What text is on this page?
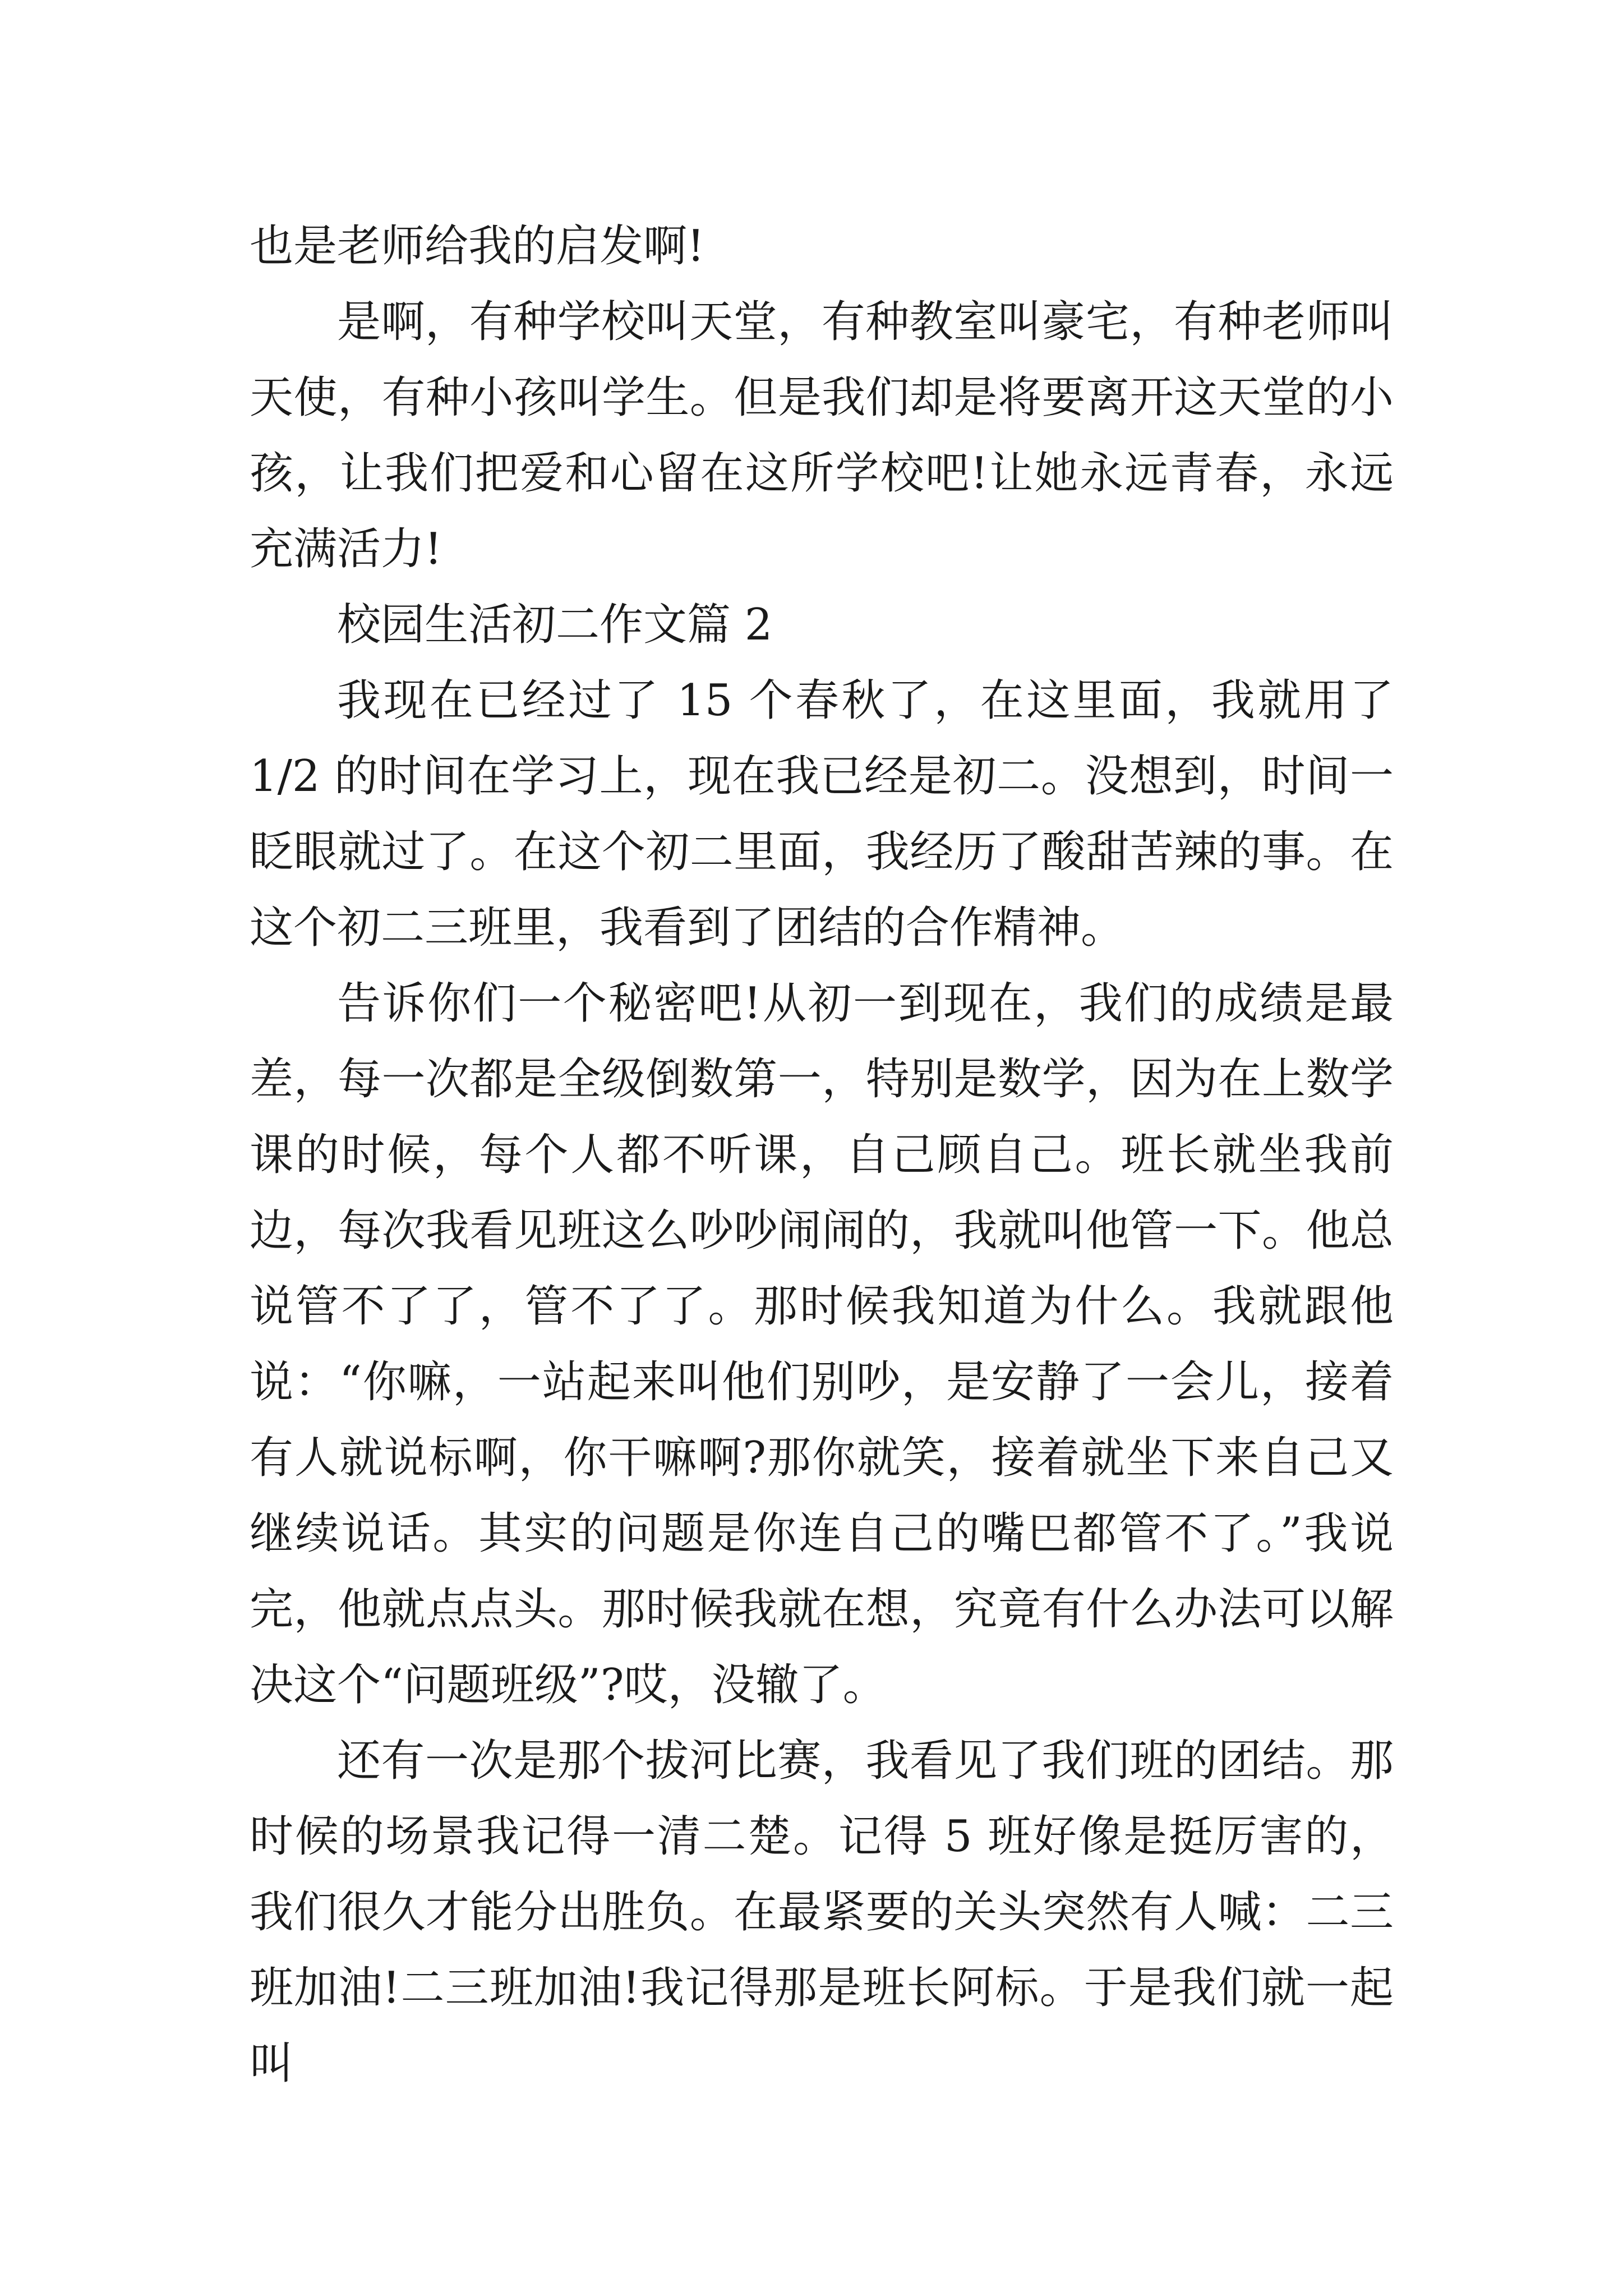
也是老师给我的启发啊!

是啊，有种学校叫天堂，有种教室叫豪宅，有种老师叫天使，有种小孩叫学生。但是我们却是将要离开这天堂的小孩，让我们把爱和心留在这所学校吧!让她永远青春，永远充满活力!

校园生活初二作文篇 2

我现在已经过了 15 个春秋了，在这里面，我就用了 1/2 的时间在学习上，现在我已经是初二。没想到，时间一眨眼就过了。在这个初二里面，我经历了酸甜苦辣的事。在这个初二三班里，我看到了团结的合作精神。

告诉你们一个秘密吧!从初一到现在，我们的成绩是最差，每一次都是全级倒数第一，特别是数学，因为在上数学课的时候，每个人都不听课，自己顾自己。班长就坐我前边，每次我看见班这么吵吵闹闹的，我就叫他管一下。他总说管不了了，管不了了。那时候我知道为什么。我就跟他说：“你嘛，一站起来叫他们别吵，是安静了一会儿，接着有人就说标啊，你干嘛啊?那你就笑，接着就坐下来自己又继续说话。其实的问题是你连自己的嘴巴都管不了。”我说完，他就点点头。那时候我就在想，究竟有什么办法可以解决这个“问题班级”?哎，没辙了。

还有一次是那个拔河比赛，我看见了我们班的团结。那时候的场景我记得一清二楚。记得 5 班好像是挺厉害的，我们很久才能分出胜负。在最紧要的关头突然有人喊：二三班加油!二三班加油!我记得那是班长阿标。于是我们就一起叫
